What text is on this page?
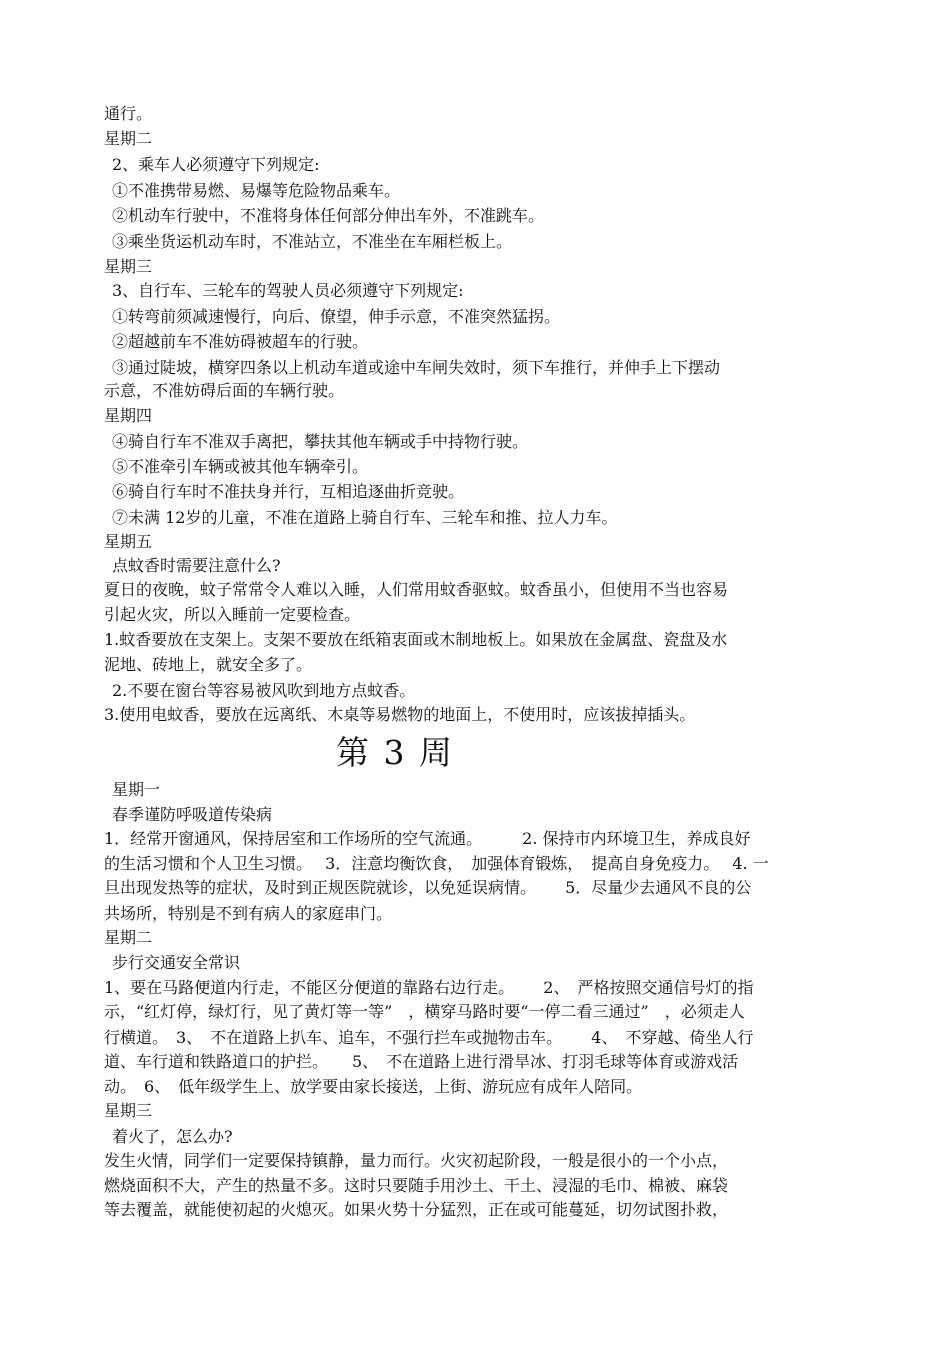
通行。
星期二
2、乘车人必须遵守下列规定:
①不准携带易燃、易爆等危险物品乘车。
②机动车行驶中，不准将身体任何部分伸出车外，不准跳车。
③乘坐货运机动车时，不准站立，不准坐在车厢栏板上。
星期三
3、自行车、三轮车的驾驶人员必须遵守下列规定:
①转弯前须减速慢行，向后、僚望，伸手示意，不准突然猛拐。
②超越前车不准妨碍被超车的行驶。
③通过陡坡，横穿四条以上机动车道或途中车闸失效时，须下车推行，并伸手上下摆动
示意，不准妨碍后面的车辆行驶。
星期四
④骑自行车不准双手离把，攀扶其他车辆或手中持物行驶。
⑤不准牵引车辆或被其他车辆牵引。
⑥骑自行车时不准扶身并行，互相追逐曲折竞驶。
⑦未满 12岁的儿童，不准在道路上骑自行车、三轮车和推、拉人力车。
星期五
点蚊香时需要注意什么?
夏日的夜晚，蚊子常常令人难以入睡，人们常用蚊香驱蚊。蚊香虽小，但使用不当也容易
引起火灾，所以入睡前一定要检查。
1.蚊香要放在支架上。支架不要放在纸箱衷面或木制地板上。如果放在金属盘、瓷盘及水
泥地、砖地上，就安全多了。
2.不要在窗台等容易被风吹到地方点蚊香。
3.使用电蚊香，要放在远离纸、木桌等易燃物的地面上，不使用时，应该拔掉插头。
第 3 周
星期一
春季谨防呼吸道传染病
1．经常开窗通风，保持居室和工作场所的空气流通。　　　2. 保持市内环境卫生，养成良好
的生活习惯和个人卫生习惯。　 3．注意均衡饮食，　加强体育锻炼，　提高自身免疫力。　 4. 一
旦出现发热等的症状，及时到正规医院就诊，以免延误病情。　　 5．尽量少去通风不良的公
共场所，特别是不到有病人的家庭串门。
星期二
步行交通安全常识
1、要在马路便道内行走，不能区分便道的靠路右边行走。　　 2、　严格按照交通信号灯的指
示，“红灯停，绿灯行，见了黄灯等一等”　，横穿马路时要“一停二看三通过”　，必须走人
行横道。　3、　不在道路上扒车、追车，不强行拦车或抛物击车。　　 4、　不穿越、倚坐人行
道、车行道和铁路道口的护拦。　　5、　不在道路上进行滑旱冰、打羽毛球等体育或游戏活
动。　6、　低年级学生上、放学要由家长接送，上街、游玩应有成年人陪同。
星期三
着火了，怎么办?
发生火情，同学们一定要保持镇静，量力而行。火灾初起阶段，一般是很小的一个小点，
燃烧面积不大，产生的热量不多。这时只要随手用沙土、干土、浸湿的毛巾、棉被、麻袋
等去覆盖，就能使初起的火熄灭。如果火势十分猛烈，正在或可能蔓延，切勿试图扑救，
